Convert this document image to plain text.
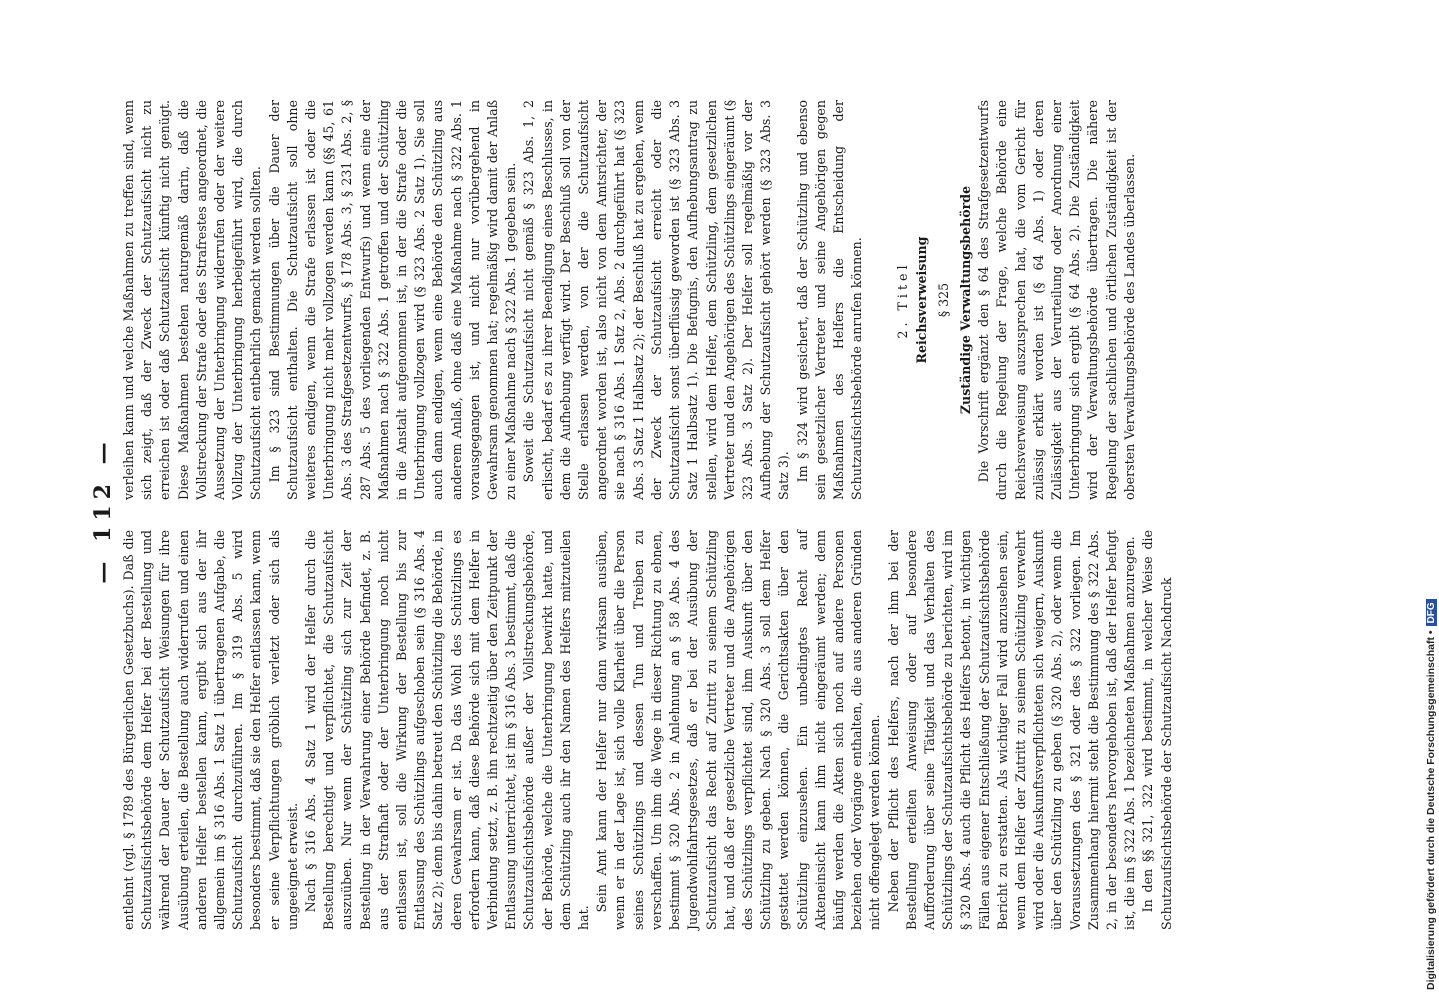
— 112 —

entlehnt (vgl. § 1789 des Bürgerlichen Gesetzbuchs). Daß die Schutzaufsichtsbehörde dem Helfer bei der Bestellung und während der Dauer der Schutzaufsicht Weisungen für ihre Ausübung erteilen, die Bestellung auch widerrufen und einen anderen Helfer bestellen kann, ergibt sich aus der ihr allgemein im § 316 Abs. 1 Satz 1 übertragenen Aufgabe, die Schutzaufsicht durchzuführen. Im § 319 Abs. 5 wird besonders bestimmt, daß sie den Helfer entlassen kann, wenn er seine Verpflichtungen gröblich verletzt oder sich als ungeeignet erweist. Nach § 316 Abs. 4 Satz 1 wird der Helfer durch die Bestellung berechtigt und verpflichtet, die Schutzaufsicht auszuüben. Nur wenn der Schützling sich zur Zeit der Bestellung in der Verwahrung einer Behörde befindet, z. B. aus der Strafhaft oder der Unterbringung noch nicht entlassen ist, soll die Wirkung der Bestellung bis zur Entlassung des Schützlings aufgeschoben sein (§ 316 Abs. 4 Satz 2); denn bis dahin betreut den Schützling die Behörde, in deren Gewahrsam er ist. Da das Wohl des Schützlings es erfordern kann, daß diese Behörde sich mit dem Helfer in Verbindung setzt, z. B. ihn rechtzeitig über den Zeitpunkt der Entlassung unterrichtet, ist im § 316 Abs. 3 bestimmt, daß die Schutzaufsichtsbehörde außer der Vollstreckungsbehörde, der Behörde, welche die Unterbringung bewirkt hatte, und dem Schützling auch ihr den Namen des Helfers mitzuteilen hat.

Sein Amt kann der Helfer nur dann wirksam ausüben, wenn er in der Lage ist, sich volle Klarheit über die Person seines Schützlings und dessen Tun und Treiben zu verschaffen. Um ihm die Wege in dieser Richtung zu ebnen, bestimmt § 320 Abs. 2 in Anlehnung an § 58 Abs. 4 des Jugendwohlfahrtsgesetzes, daß er bei der Ausübung der Schutzaufsicht das Recht auf Zutritt zu seinem Schützling hat, und daß der gesetzliche Vertreter und die Angehörigen des Schützlings verpflichtet sind, ihm Auskunft über den Schützling zu geben. Nach § 320 Abs. 3 soll dem Helfer gestattet werden können, die Gerichtsakten über den Schützling einzusehen. Ein unbedingtes Recht auf Akteneinsicht kann ihm nicht eingeräumt werden; denn häufig werden die Akten sich noch auf andere Personen beziehen oder Vorgänge enthalten, die aus anderen Gründen nicht offengelegt werden können. Neben der Pflicht des Helfers, nach der ihm bei der Bestellung erteilten Anweisung oder auf besondere Aufforderung über seine Tätigkeit und das Verhalten des Schützlings der Schutzaufsichtsbehörde zu berichten, wird im § 320 Abs. 4 auch die Pflicht des Helfers betont, in wichtigen Fällen aus eigener Entschließung der Schutzaufsichtsbehörde Bericht zu erstatten. Als wichtiger Fall wird anzusehen sein, wenn dem Helfer der Zutritt zu seinem Schützling verwehrt wird oder die Auskunftsverpflichteten sich weigern, Auskunft über den Schützling zu geben (§ 320 Abs. 2), oder wenn die Voraussetzungen des § 321 oder des § 322 vorliegen. Im Zusammenhang hiermit steht die Bestimmung des § 322 Abs. 2, in der besonders hervorgehoben ist, daß der Helfer befugt ist, die im § 322 Abs. 1 bezeichneten Maßnahmen anzuregen. In den §§ 321, 322 wird bestimmt, in welcher Weise die Schutzaufsichtsbehörde der Schutzaufsicht Nachdruck

verleihen kann und welche Maßnahmen zu treffen sind, wenn sich zeigt, daß der Zweck der Schutzaufsicht nicht zu erreichen ist oder daß Schutzaufsicht künftig nicht genügt. Diese Maßnahmen bestehen naturgemäß darin, daß die Vollstreckung der Strafe oder des Strafrestes angeordnet, die Aussetzung der Unterbringung widerrufen oder der weitere Vollzug der Unterbringung herbeigeführt wird, die durch Schutzaufsicht entbehrlich gemacht werden sollten. Im § 323 sind Bestimmungen über die Dauer der Schutzaufsicht enthalten. Die Schutzaufsicht soll ohne weiteres endigen, wenn die Strafe erlassen ist oder die Unterbringung nicht mehr vollzogen werden kann (§§ 45, 61 Abs. 3 des Strafgesetzentwurfs, § 178 Abs. 3, § 231 Abs. 2, § 287 Abs. 5 des vorliegenden Entwurfs) und wenn eine der Maßnahmen nach § 322 Abs. 1 getroffen und der Schützling in die Anstalt aufgenommen ist, in der die Strafe oder die Unterbringung vollzogen wird (§ 323 Abs. 2 Satz 1). Sie soll auch dann endigen, wenn eine Behörde den Schützling aus anderem Anlaß, ohne daß eine Maßnahme nach § 322 Abs. 1 vorausgegangen ist, und nicht nur vorübergehend in Gewahrsam genommen hat; regelmäßig wird damit der Anlaß zu einer Maßnahme nach § 322 Abs. 1 gegeben sein. Soweit die Schutzaufsicht nicht gemäß § 323 Abs. 1, 2 erlischt, bedarf es zu ihrer Beendigung eines Beschlusses, in dem die Aufhebung verfügt wird. Der Beschluß soll von der Stelle erlassen werden, von der die Schutzaufsicht angeordnet worden ist, also nicht von dem Amtsrichter, der sie nach § 316 Abs. 1 Satz 2, Abs. 2 durchgeführt hat (§ 323 Abs. 3 Satz 1 Halbsatz 2); der Beschluß hat zu ergehen, wenn der Zweck der Schutzaufsicht erreicht oder die Schutzaufsicht sonst überflüssig geworden ist (§ 323 Abs. 3 Satz 1 Halbsatz 1). Die Befugnis, den Aufhebungsantrag zu stellen, wird dem Helfer, dem Schützling, dem gesetzlichen Vertreter und den Angehörigen des Schützlings eingeräumt (§ 323 Abs. 3 Satz 2). Der Helfer soll regelmäßig vor der Aufhebung der Schutzaufsicht gehört werden (§ 323 Abs. 3 Satz 3). Im § 324 wird gesichert, daß der Schützling und ebenso sein gesetzlicher Vertreter und seine Angehörigen gegen Maßnahmen des Helfers die Entscheidung der Schutzaufsichtsbehörde anrufen können. 2. Titel Reichsverweisung § 325 Zuständige Verwaltungsbehörde Die Vorschrift ergänzt den § 64 des Strafgesetzentwurfs durch die Regelung der Frage, welche Behörde eine Reichsverweisung auszusprechen hat, die vom Gericht für zulässig erklärt worden ist (§ 64 Abs. 1) oder deren Zulässigkeit aus der Verurteilung oder Anordnung einer Unterbringung sich ergibt (§ 64 Abs. 2). Die Zuständigkeit wird der Verwaltungsbehörde übertragen. Die nähere Regelung der sachlichen und örtlichen Zuständigkeit ist der obersten Verwaltungsbehörde des Landes überlassen.

Digitalisierung gefördert durch die Deutsche Forschungsgemeinschaft •DFG
